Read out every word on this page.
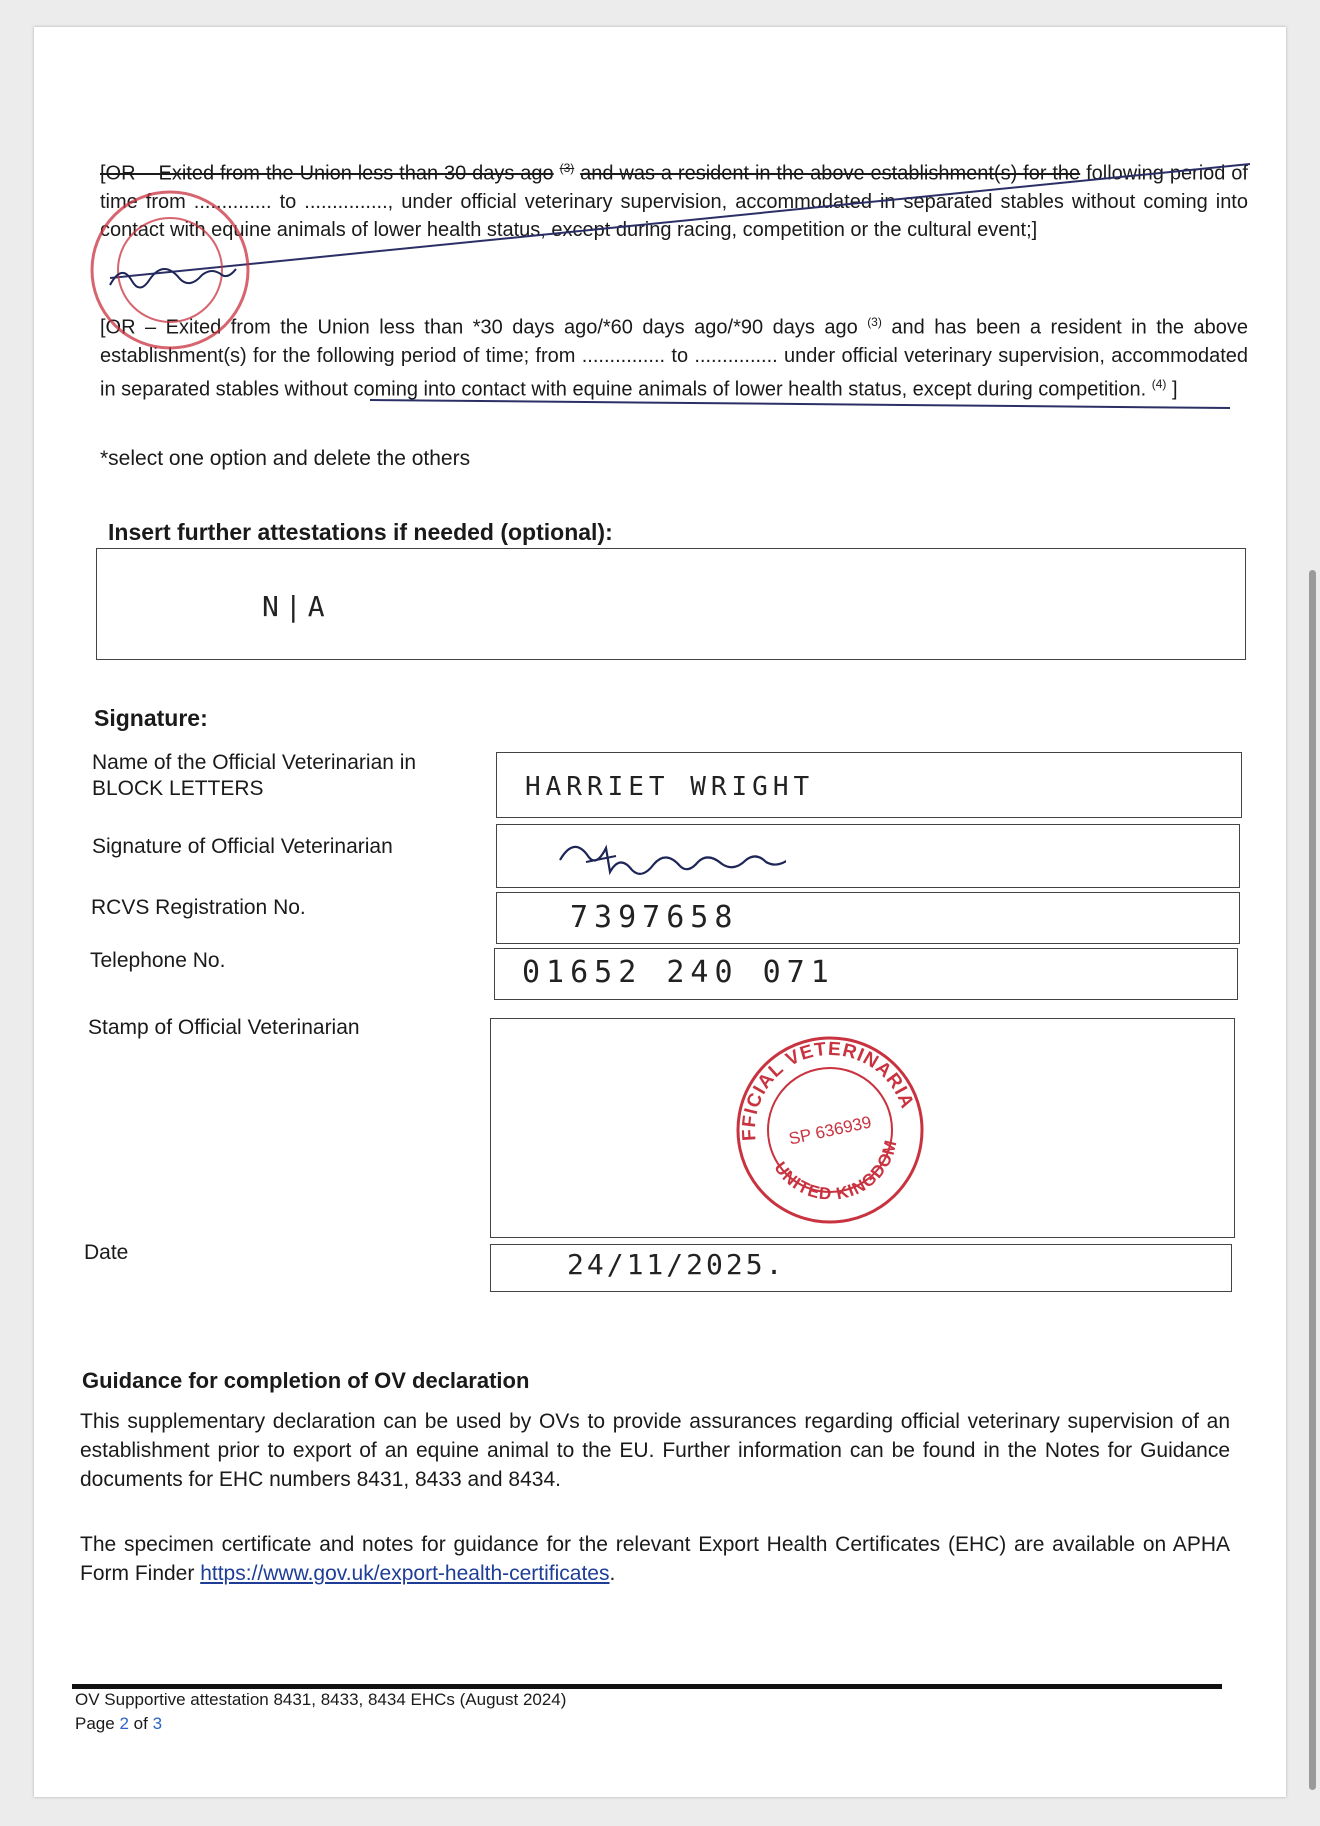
[OR – Exited from the Union less than 30 days ago $^{(3)}$ and was a resident in the above establishment(s) for the following period of time from .............. to ..............., under official veterinary supervision, accommodated in separated stables without coming into contact with equine animals of lower health status, except during racing, competition or the cultural event;]
[OR – Exited from the Union less than *30 days ago/*60 days ago/*90 days ago $^{(3)}$ and has been a resident in the above establishment(s) for the following period of time; from ............... to ............... under official veterinary supervision, accommodated in separated stables without coming into contact with equine animals of lower health status, except during competition. $^{(4)}$ ]
*select one option and delete the others
Insert further attestations if needed (optional):
N|A
Signature:
Name of the Official Veterinarian in BLOCK LETTERS	HARRIET WRIGHT
Signature of Official Veterinarian
RCVS Registration No.	7397658
Telephone No.	01652 240 071
Stamp of Official Veterinarian
OFFICIAL VETERINARIAN
UNITED KINGDOM
SP 636939
Date	24/11/2025.
Guidance for completion of OV declaration
This supplementary declaration can be used by OVs to provide assurances regarding official veterinary supervision of an establishment prior to export of an equine animal to the EU. Further information can be found in the Notes for Guidance documents for EHC numbers 8431, 8433 and 8434.
The specimen certificate and notes for guidance for the relevant Export Health Certificates (EHC) are available on APHA Form Finder https://www.gov.uk/export-health-certificates.
OV Supportive attestation 8431, 8433, 8434 EHCs (August 2024)
Page 2 of 3
